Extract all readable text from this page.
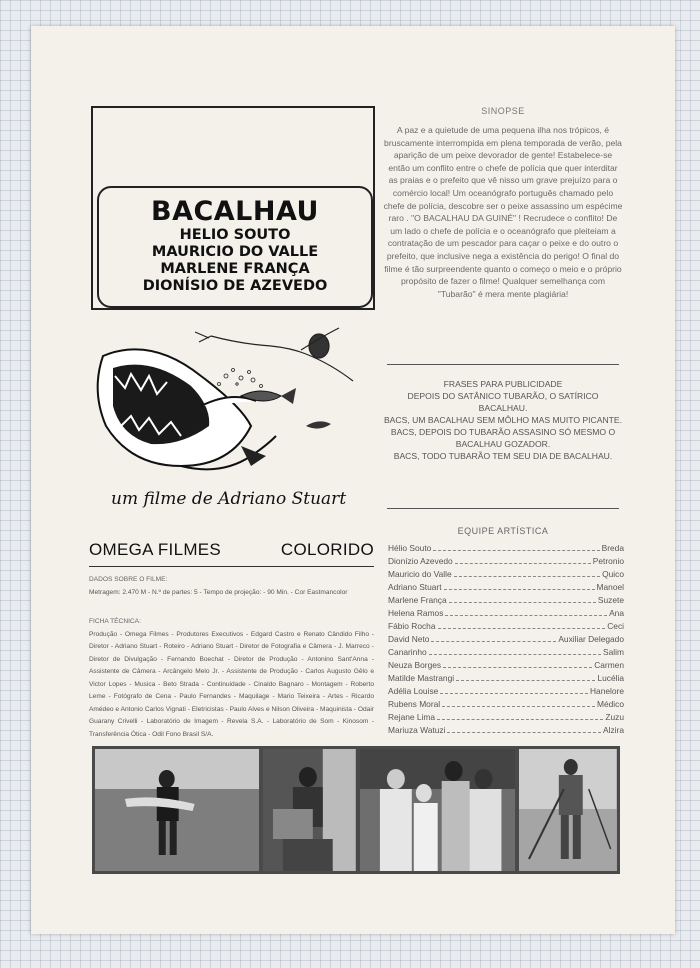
BACALHAU
HELIO SOUTO
MAURICIO DO VALLE
MARLENE FRANÇA
DIONÍSIO DE AZEVEDO
um filme de Adriano Stuart
OMEGA FILMES	COLORIDO
DADOS SOBRE O FILME:
Metragem: 2.470 M - N.º de partes: 5 - Tempo de projeção: - 90 Min. - Cor Eastmancolor
FICHA TÉCNICA:
Produção - Omega Filmes - Produtores Executivos - Edgard Castro e Renato Cândido Filho - Diretor - Adriano Stuart - Roteiro - Adriano Stuart - Diretor de Fotografia e Câmera - J. Marreco - Diretor de Divulgação - Fernando Boechat - Diretor de Produção - Antonino Sant'Anna - Assistente de Câmera - Arcângelo Melo Jr. - Assistente de Produção - Carlos Augusto Gêlo e Victor Lopes - Musica - Beto Strada - Continuidade - Cinaldo Bagnaro - Montagem - Roberto Leme - Fotógrafo de Cena - Paulo Fernandes - Maquilage - Mario Teixeira - Artes - Ricardo Amédeo e Antonio Carlos Vignati - Eletricistas - Paulo Alves e Nilson Oliveira - Maquinista - Odair Guarany Crivelli - Laboratório de Imagem - Revela S.A. - Laboratório de Som - Kinosom - Transferência Ótica - Odil Fono Brasil S/A.
SINOPSE
A paz e a quietude de uma pequena ilha nos trópicos, é bruscamente interrompida em plena temporada de verão, pela aparição de um peixe devorador de gente! Estabelece-se então um conflito entre o chefe de polícia que quer interditar as praias e o prefeito que vê nisso um grave prejuízo para o comércio local! Um oceanógrafo português chamado pelo chefe de polícia, descobre ser o peixe assassino um espécime raro . "O BACALHAU DA GUINÉ" ! Recrudece o conflito! De um lado o chefe de polícia e o oceanógrafo que pleiteiam a contratação de um pescador para caçar o peixe e do outro o prefeito, que inclusive nega a existência do perigo! O final do filme é tão surpreendente quanto o começo o meio e o próprio propósito de fazer o filme! Qualquer semelhança com "Tubarão" é mera mente plagiária!
FRASES PARA PUBLICIDADE
DEPOIS DO SATÂNICO TUBARÃO, O SATÍRICO BACALHAU.
BACS, UM BACALHAU SEM MÔLHO MAS MUITO PICANTE.
BACS, DEPOIS DO TUBARÃO ASSASINO SÓ MESMO O BACALHAU GOZADOR.
BACS, TODO TUBARÃO TEM SEU DIA DE BACALHAU.
EQUIPE ARTÍSTICA
Hélio Souto	Breda
Dionízio Azevedo	Petronio
Mauricio do Valle	Quico
Adriano Stuart	Manoel
Marlene França	Suzete
Helena Ramos	Ana
Fábio Rocha	Ceci
David Neto	Auxiliar Delegado
Canarinho	Salim
Neuza Borges	Carmen
Matilde Mastrangi	Lucélia
Adélia Louise	Hanelore
Rubens Moral	Médico
Rejane Lima	Zuzu
Mariuza Watuzi	Alzira
